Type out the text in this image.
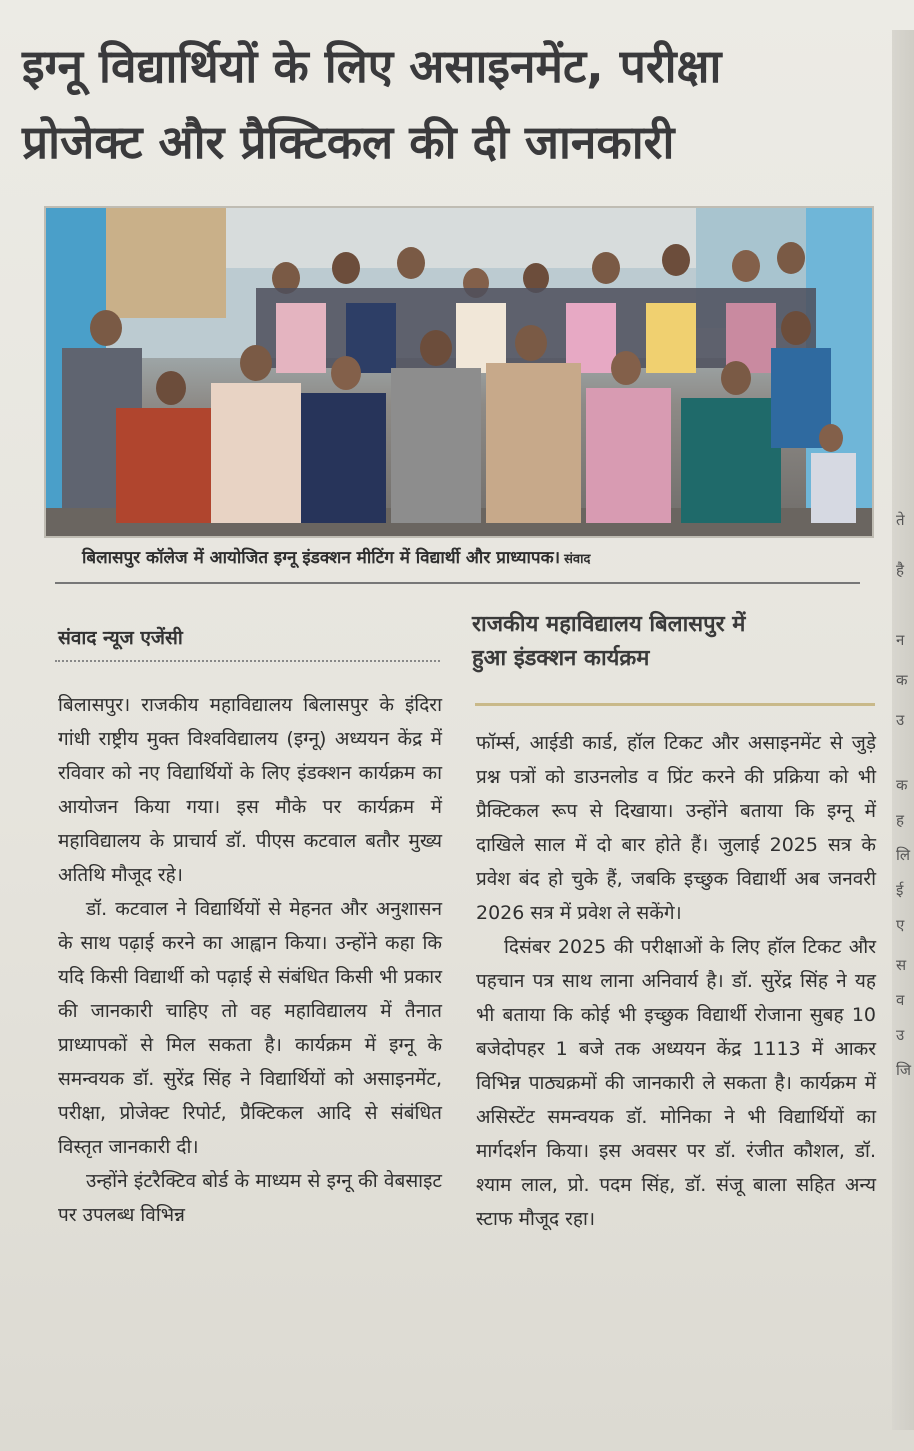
इग्नू विद्यार्थियों के लिए असाइनमेंट, परीक्षा
प्रोजेक्ट और प्रैक्टिकल की दी जानकारी
बिलासपुर कॉलेज में आयोजित इग्नू इंडक्शन मीटिंग में विद्यार्थी और प्राध्यापक। संवाद
संवाद न्यूज एजेंसी
राजकीय महाविद्यालय बिलासपुर में
हुआ इंडक्शन कार्यक्रम

बिलासपुर। राजकीय महाविद्यालय बिलासपुर के इंदिरा गांधी राष्ट्रीय मुक्त विश्वविद्यालय (इग्नू) अध्ययन केंद्र में रविवार को नए विद्यार्थियों के लिए इंडक्शन कार्यक्रम का आयोजन किया गया। इस मौके पर कार्यक्रम में महाविद्यालय के प्राचार्य डॉ. पीएस कटवाल बतौर मुख्य अतिथि मौजूद रहे।

डॉ. कटवाल ने विद्यार्थियों से मेहनत और अनुशासन के साथ पढ़ाई करने का आह्वान किया। उन्होंने कहा कि यदि किसी विद्यार्थी को पढ़ाई से संबंधित किसी भी प्रकार की जानकारी चाहिए तो वह महाविद्यालय में तैनात प्राध्यापकों से मिल सकता है। कार्यक्रम में इग्नू के समन्वयक डॉ. सुरेंद्र सिंह ने विद्यार्थियों को असाइनमेंट, परीक्षा, प्रोजेक्ट रिपोर्ट, प्रैक्टिकल आदि से संबंधित विस्तृत जानकारी दी।

उन्होंने इंटरैक्टिव बोर्ड के माध्यम से इग्नू की वेबसाइट पर उपलब्ध विभिन्न

फॉर्म्स, आईडी कार्ड, हॉल टिकट और असाइनमेंट से जुड़े प्रश्न पत्रों को डाउनलोड व प्रिंट करने की प्रक्रिया को भी प्रैक्टिकल रूप से दिखाया। उन्होंने बताया कि इग्नू में दाखिले साल में दो बार होते हैं। जुलाई 2025 सत्र के प्रवेश बंद हो चुके हैं, जबकि इच्छुक विद्यार्थी अब जनवरी 2026 सत्र में प्रवेश ले सकेंगे।

दिसंबर 2025 की परीक्षाओं के लिए हॉल टिकट और पहचान पत्र साथ लाना अनिवार्य है। डॉ. सुरेंद्र सिंह ने यह भी बताया कि कोई भी इच्छुक विद्यार्थी रोजाना सुबह 10 बजेदोपहर 1 बजे तक अध्ययन केंद्र 1113 में आकर विभिन्न पाठ्यक्रमों की जानकारी ले सकता है। कार्यक्रम में असिस्टेंट समन्वयक डॉ. मोनिका ने भी विद्यार्थियों का मार्गदर्शन किया। इस अवसर पर डॉ. रंजीत कौशल, डॉ. श्याम लाल, प्रो. पदम सिंह, डॉ. संजू बाला सहित अन्य स्टाफ मौजूद रहा।

ते
है
न
क
उ
क
ह
लि
ई
ए
स
व
उ
जि
